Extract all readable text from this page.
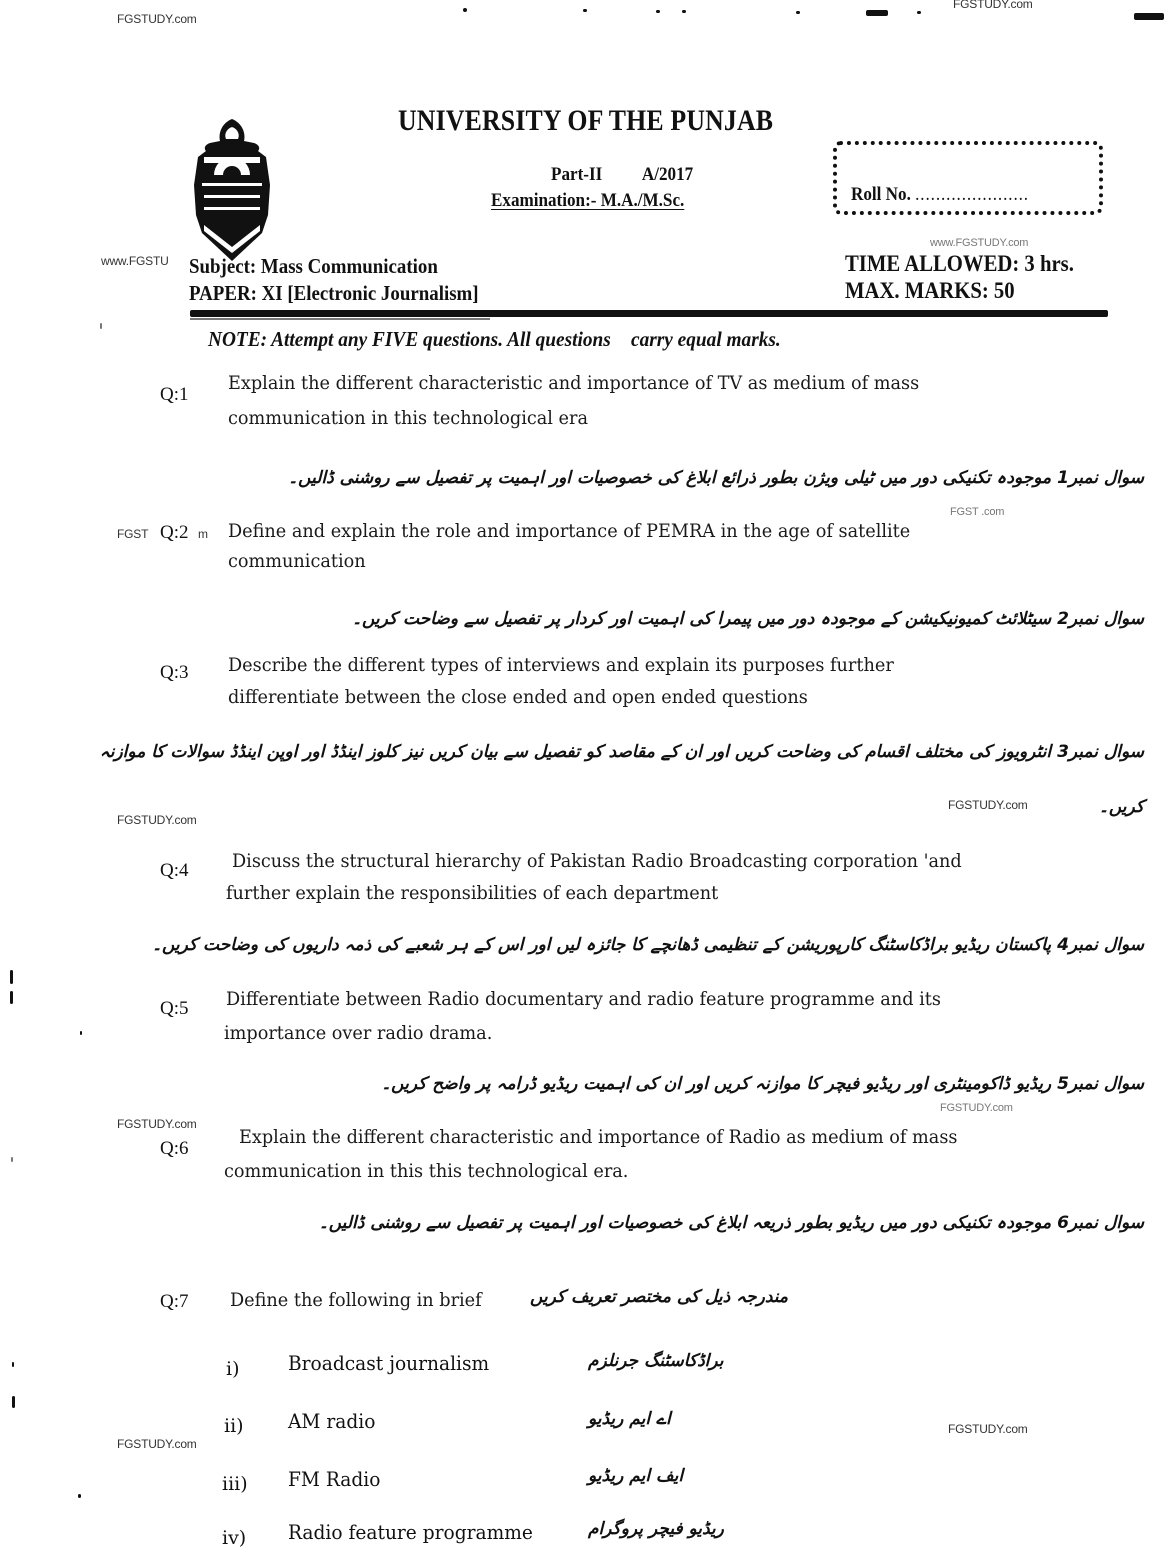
FGSTUDY.com
FGSTUDY.com
www.FGSTU
www.FGSTUDY.com
UNIVERSITY OF THE PUNJAB
Part-II A/2017
Examination:- M.A./M.Sc.	Roll No. ......................
Subject: Mass Communication
PAPER: XI [Electronic Journalism]
TIME ALLOWED: 3 hrs.
MAX. MARKS: 50
NOTE: Attempt any FIVE questions. All questions carry equal marks.
Q:1
Explain the different characteristic and importance of TV as medium of mass
communication in this technological era
سوال نمبر1 موجودہ تکنیکی دور میں ٹیلی ویژن بطور ذرائع ابلاغ کی خصوصیات اور اہمیت پر تفصیل سے روشنی ڈالیں۔
FGST Q:2 m Define and explain the role and importance of PEMRA in the age of satellite
FGST .com
communication
سوال نمبر2 سیٹلائٹ کمیونیکیشن کے موجودہ دور میں پیمرا کی اہمیت اور کردار پر تفصیل سے وضاحت کریں۔
Q:3 Describe the different types of interviews and explain its purposes further
differentiate between the close ended and open ended questions
سوال نمبر3 انٹرویوز کی مختلف اقسام کی وضاحت کریں اور ان کے مقاصد کو تفصیل سے بیان کریں نیز کلوز اینڈڈ اور اوپن اینڈڈ سوالات کا موازنہ
FGSTUDY.com	کریں۔
FGSTUDY.com
Q:4 Discuss the structural hierarchy of Pakistan Radio Broadcasting corporation 'and
further explain the responsibilities of each department
سوال نمبر4 پاکستان ریڈیو براڈکاسٹنگ کارپوریشن کے تنظیمی ڈھانچے کا جائزہ لیں اور اس کے ہر شعبے کی ذمہ داریوں کی وضاحت کریں۔
Q:5 Differentiate between Radio documentary and radio feature programme and its
importance over radio drama.
سوال نمبر5 ریڈیو ڈاکومینٹری اور ریڈیو فیچر کا موازنہ کریں اور ان کی اہمیت ریڈیو ڈرامہ پر واضح کریں۔
FGSTUDY.com
FGSTUDY.com
Q:6
Explain the different characteristic and importance of Radio as medium of mass
communication in this this technological era.
سوال نمبر6 موجودہ تکنیکی دور میں ریڈیو بطور ذریعہ ابلاغ کی خصوصیات اور اہمیت پر تفصیل سے روشنی ڈالیں۔
Q:7 Define the following in brief	مندرجہ ذیل کی مختصر تعریف کریں
i) Broadcast journalism	براڈکاسٹنگ جرنلزم
ii) AM radio	اے ایم ریڈیو	FGSTUDY.com
FGSTUDY.com
iii) FM Radio	ایف ایم ریڈیو
iv) Radio feature programme	ریڈیو فیچر پروگرام
